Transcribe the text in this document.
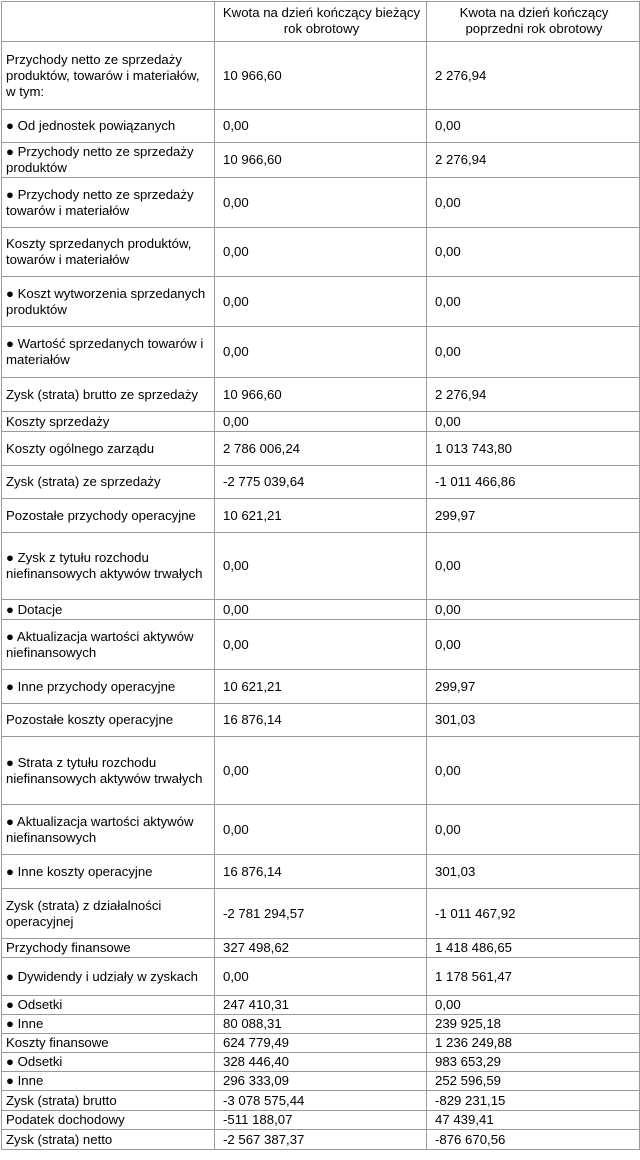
	Kwota na dzień kończący bieżący rok obrotowy	Kwota na dzień kończący poprzedni rok obrotowy
Przychody netto ze sprzedaży produktów, towarów i materiałów, w tym:	10 966,60	2 276,94
● Od jednostek powiązanych	0,00	0,00
● Przychody netto ze sprzedaży produktów	10 966,60	2 276,94
● Przychody netto ze sprzedaży towarów i materiałów	0,00	0,00
Koszty sprzedanych produktów, towarów i materiałów	0,00	0,00
● Koszt wytworzenia sprzedanych produktów	0,00	0,00
● Wartość sprzedanych towarów i materiałów	0,00	0,00
Zysk (strata) brutto ze sprzedaży	10 966,60	2 276,94
Koszty sprzedaży	0,00	0,00
Koszty ogólnego zarządu	2 786 006,24	1 013 743,80
Zysk (strata) ze sprzedaży	-2 775 039,64	-1 011 466,86
Pozostałe przychody operacyjne	10 621,21	299,97
● Zysk z tytułu rozchodu niefinansowych aktywów trwałych	0,00	0,00
● Dotacje	0,00	0,00
● Aktualizacja wartości aktywów niefinansowych	0,00	0,00
● Inne przychody operacyjne	10 621,21	299,97
Pozostałe koszty operacyjne	16 876,14	301,03
● Strata z tytułu rozchodu niefinansowych aktywów trwałych	0,00	0,00
● Aktualizacja wartości aktywów niefinansowych	0,00	0,00
● Inne koszty operacyjne	16 876,14	301,03
Zysk (strata) z działalności operacyjnej	-2 781 294,57	-1 011 467,92
Przychody finansowe	327 498,62	1 418 486,65
● Dywidendy i udziały w zyskach	0,00	1 178 561,47
● Odsetki	247 410,31	0,00
● Inne	80 088,31	239 925,18
Koszty finansowe	624 779,49	1 236 249,88
● Odsetki	328 446,40	983 653,29
● Inne	296 333,09	252 596,59
Zysk (strata) brutto	-3 078 575,44	-829 231,15
Podatek dochodowy	-511 188,07	47 439,41
Zysk (strata) netto	-2 567 387,37	-876 670,56
